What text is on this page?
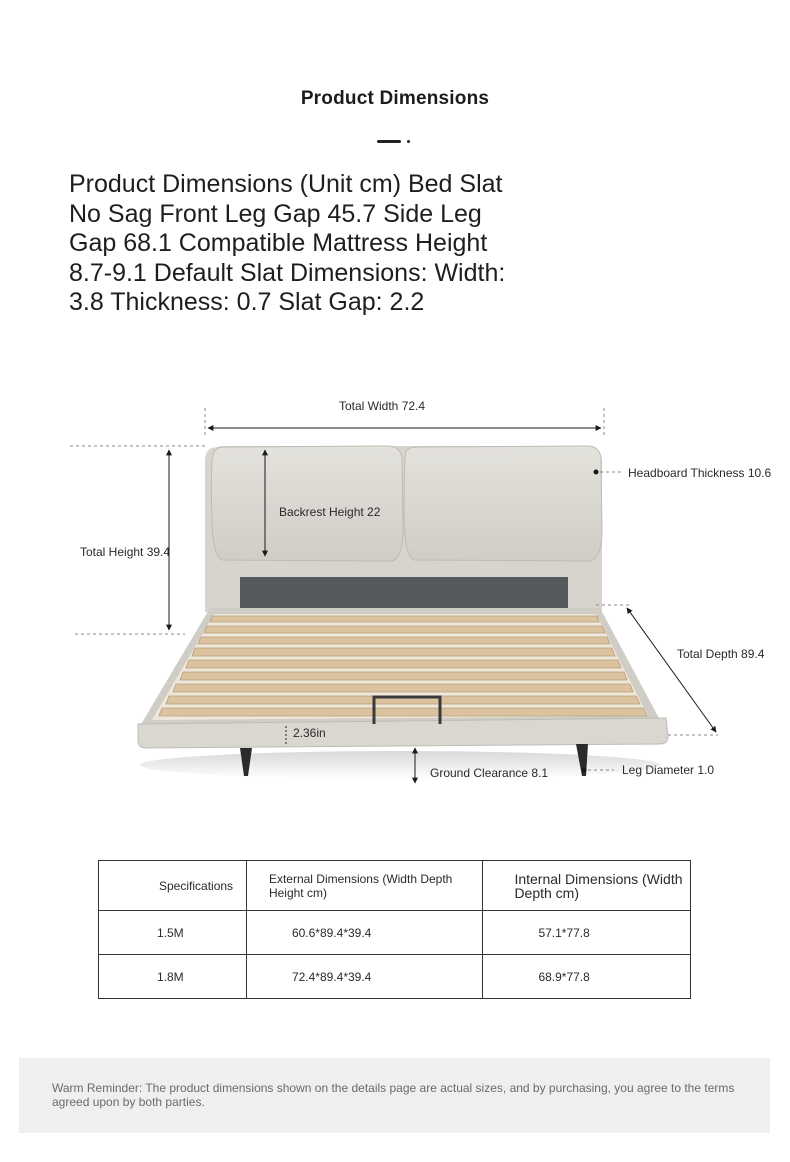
Product Dimensions
Product Dimensions (Unit cm) Bed Slat No Sag Front Leg Gap 45.7 Side Leg Gap 68.1 Compatible Mattress Height 8.7-9.1 Default Slat Dimensions: Width: 3.8 Thickness: 0.7 Slat Gap: 2.2
Total Width 72.4
Headboard Thickness 10.6
Backrest Height 22
Total Height 39.4
Total Depth 89.4
2.36in
Ground Clearance 8.1	Leg Diameter 1.0
Specifications	External Dimensions (Width Depth Height cm)	Internal Dimensions (Width Depth cm)
1.5M	60.6*89.4*39.4	57.1*77.8
1.8M	72.4*89.4*39.4	68.9*77.8

Warm Reminder: The product dimensions shown on the details page are actual sizes, and by purchasing, you agree to the terms agreed upon by both parties.
